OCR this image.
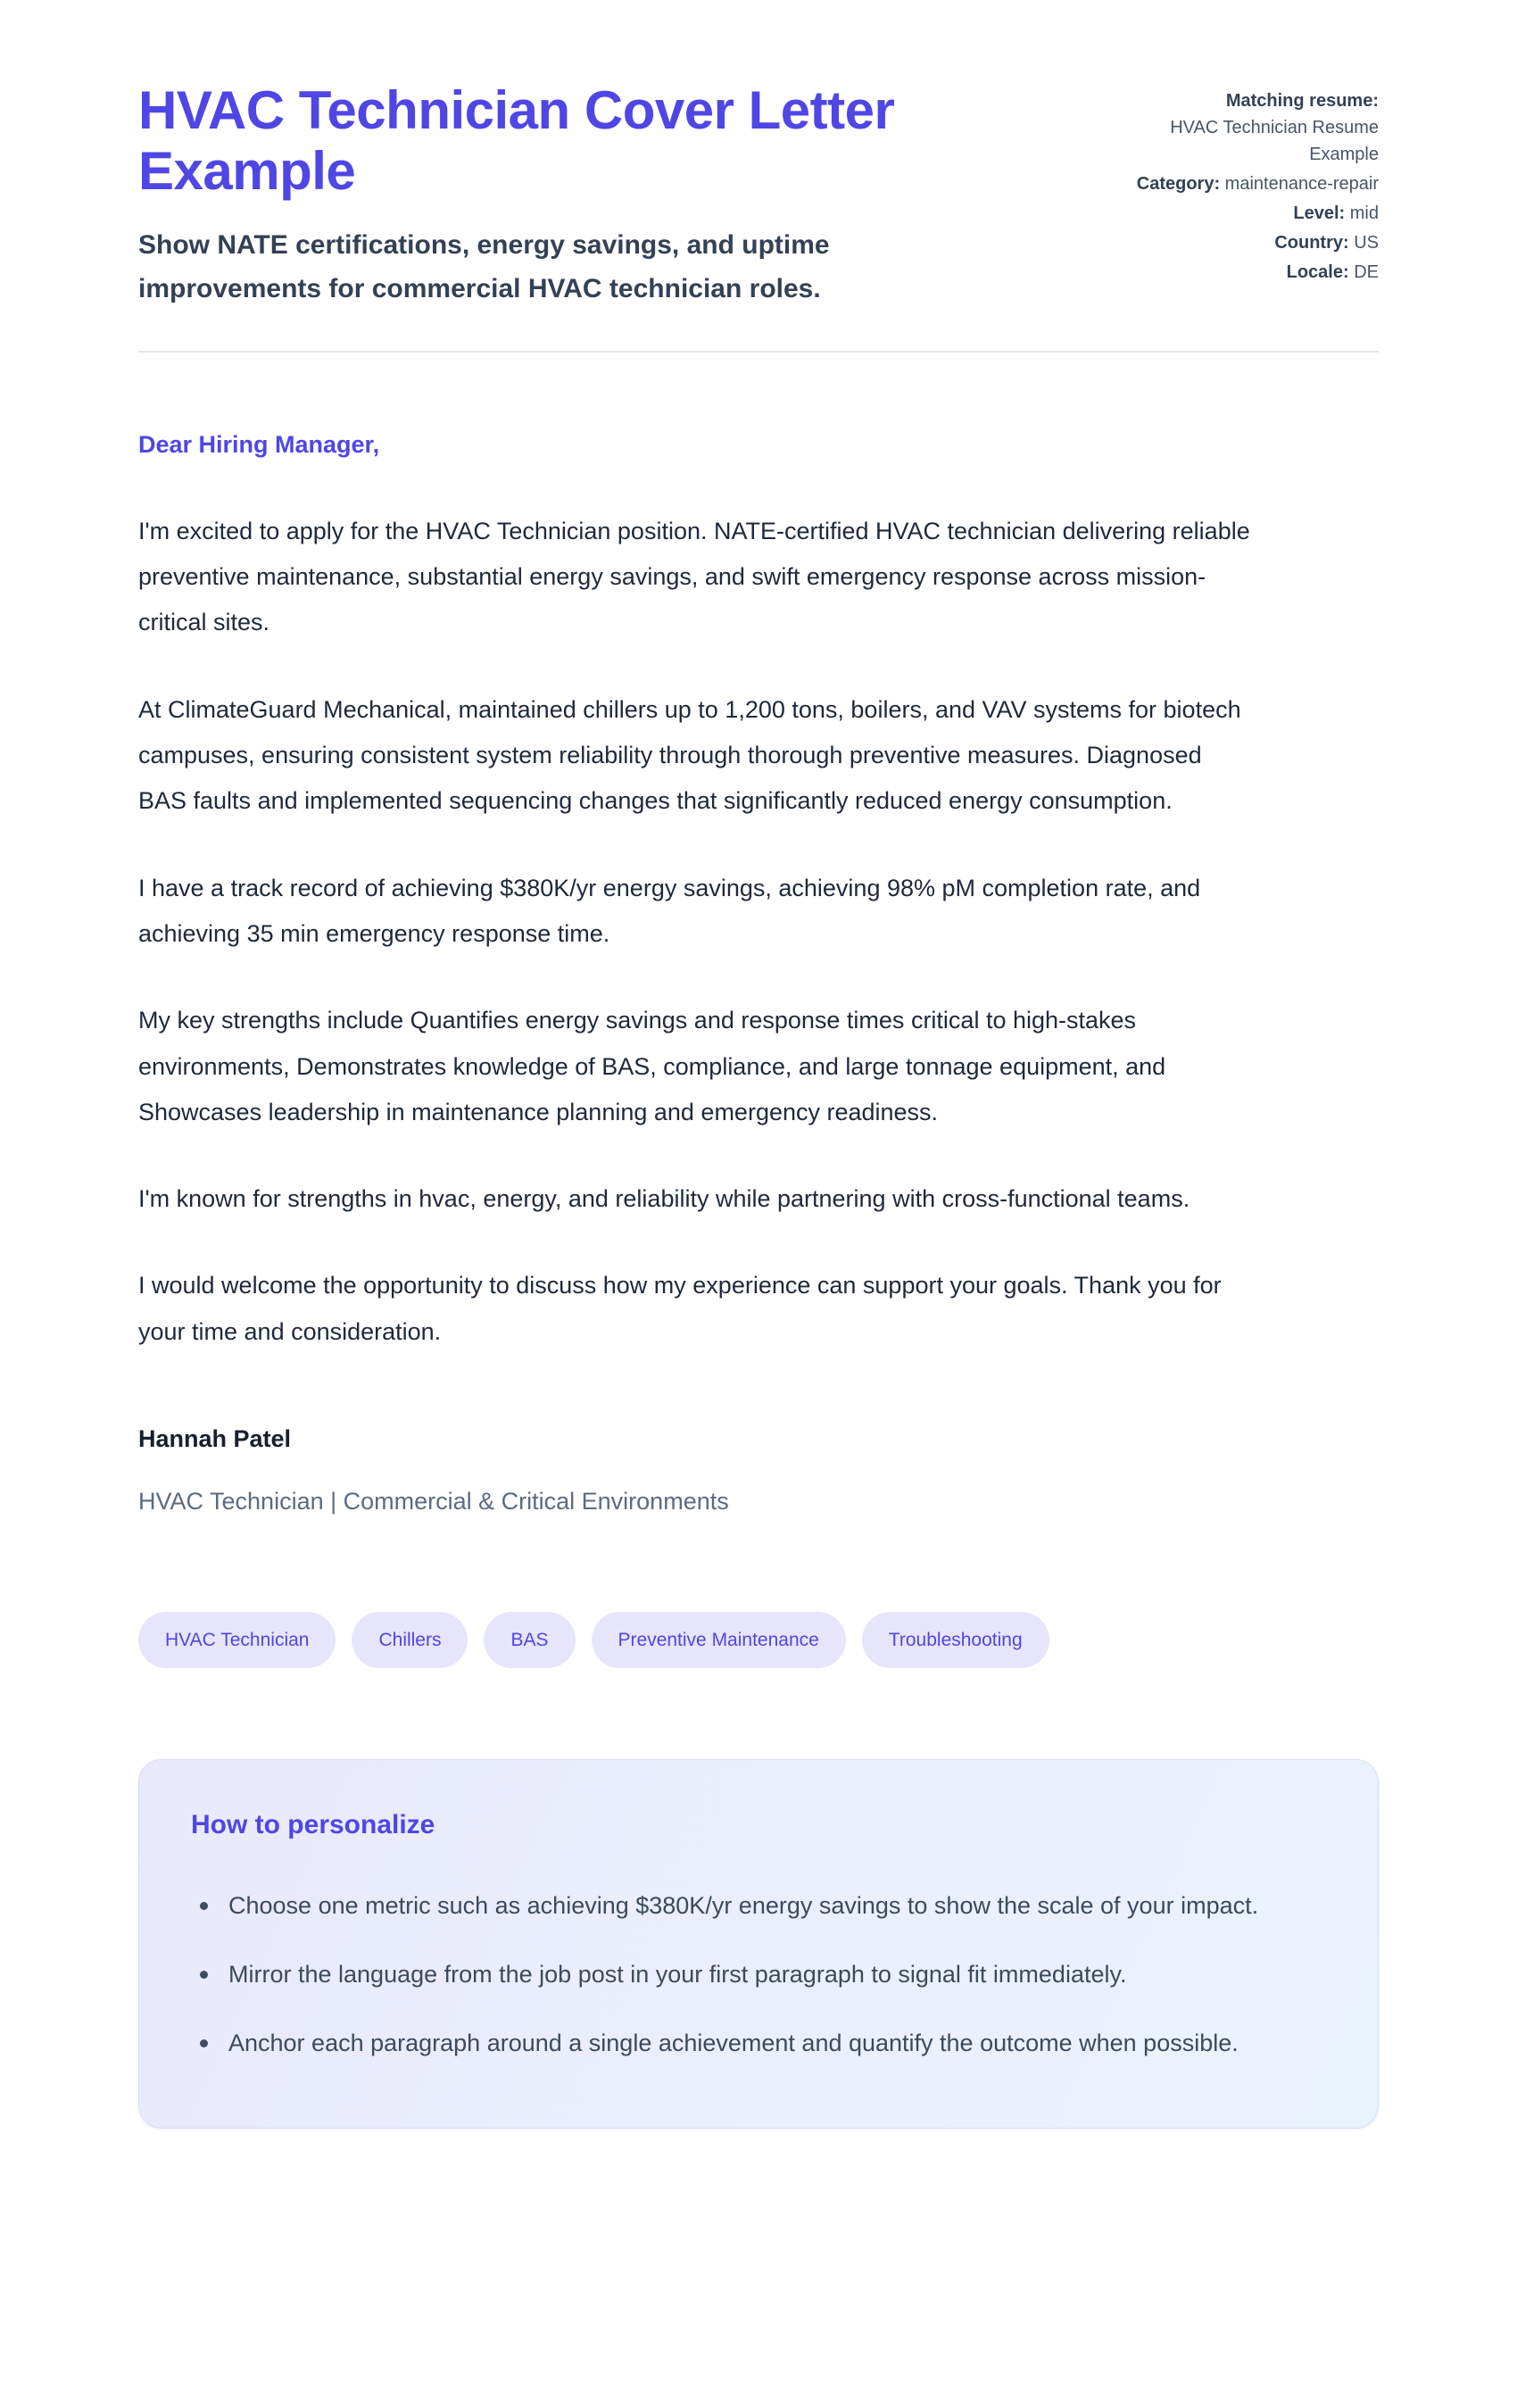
HVAC Technician Cover Letter Example

Show NATE certifications, energy savings, and uptime improvements for commercial HVAC technician roles.

Matching resume:
HVAC Technician Resume Example
Category: maintenance-repair
Level: mid
Country: US
Locale: DE

Dear Hiring Manager,

I'm excited to apply for the HVAC Technician position. NATE-certified HVAC technician delivering reliable preventive maintenance, substantial energy savings, and swift emergency response across mission-critical sites.

At ClimateGuard Mechanical, maintained chillers up to 1,200 tons, boilers, and VAV systems for biotech campuses, ensuring consistent system reliability through thorough preventive measures. Diagnosed BAS faults and implemented sequencing changes that significantly reduced energy consumption.

I have a track record of achieving $380K/yr energy savings, achieving 98% pM completion rate, and achieving 35 min emergency response time.

My key strengths include Quantifies energy savings and response times critical to high-stakes environments, Demonstrates knowledge of BAS, compliance, and large tonnage equipment, and Showcases leadership in maintenance planning and emergency readiness.

I'm known for strengths in hvac, energy, and reliability while partnering with cross-functional teams.

I would welcome the opportunity to discuss how my experience can support your goals. Thank you for your time and consideration.

Hannah Patel

HVAC Technician | Commercial & Critical Environments

HVAC Technician	Chillers	BAS	Preventive Maintenance	Troubleshooting
How to personalize
Choose one metric such as achieving $380K/yr energy savings to show the scale of your impact.
Mirror the language from the job post in your first paragraph to signal fit immediately.
Anchor each paragraph around a single achievement and quantify the outcome when possible.
